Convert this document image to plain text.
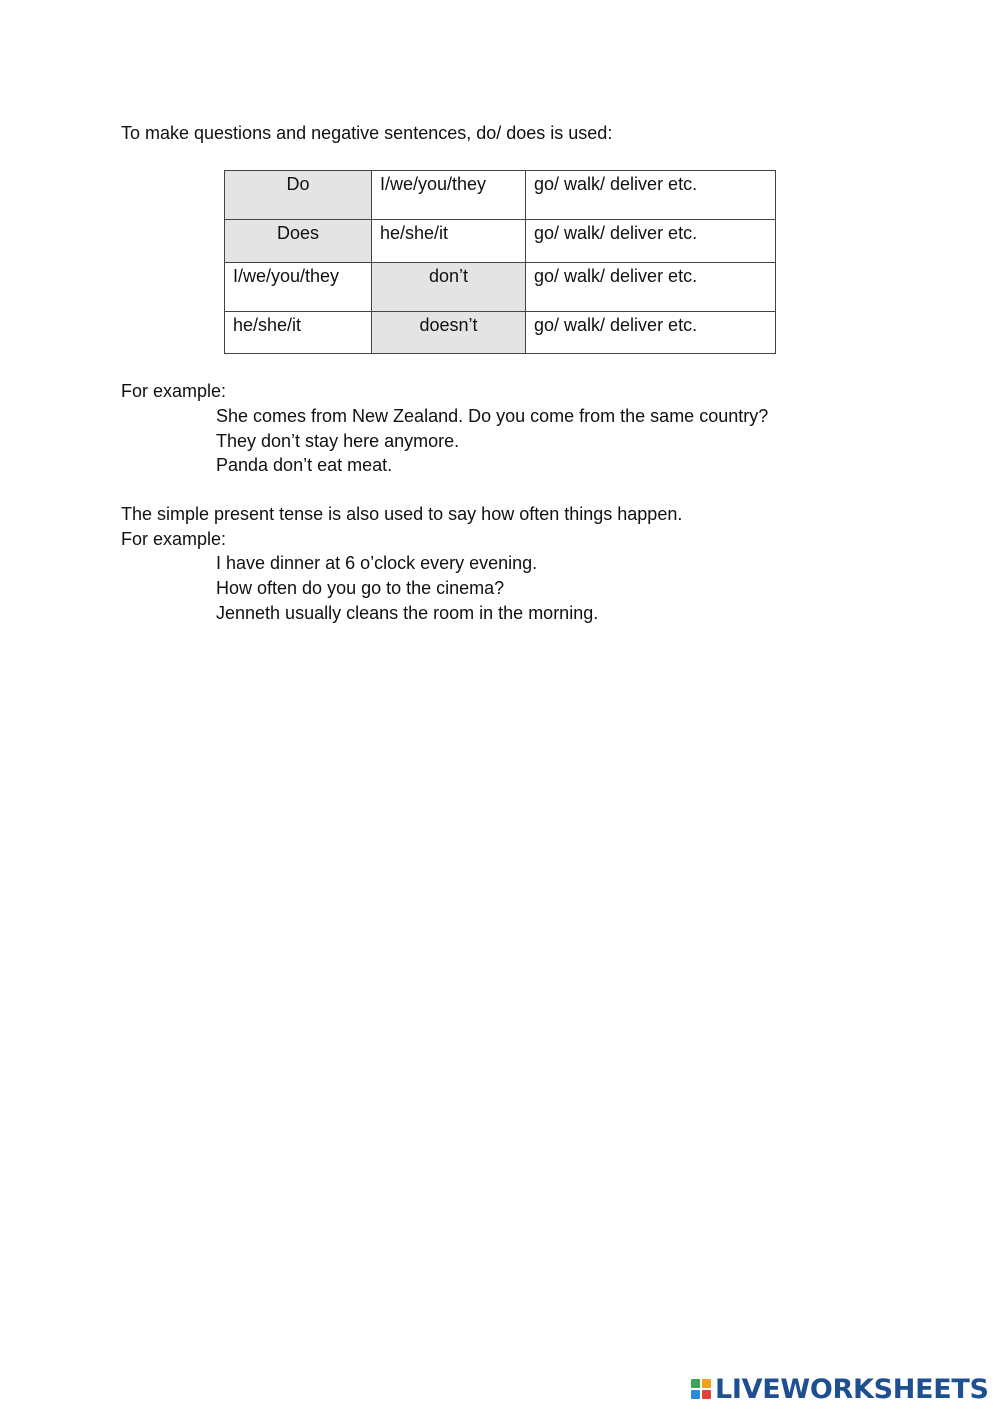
To make questions and negative sentences, do/ does is used:
Do	I/we/you/they	go/ walk/ deliver etc.
Does	he/she/it	go/ walk/ deliver etc.
I/we/you/they	don’t	go/ walk/ deliver etc.
he/she/it	doesn’t	go/ walk/ deliver etc.
For example:
She comes from New Zealand. Do you come from the same country?
They don’t stay here anymore.
Panda don’t eat meat.
The simple present tense is also used to say how often things happen.
For example:
I have dinner at 6 o’clock every evening.
How often do you go to the cinema?
Jenneth usually cleans the room in the morning.
LIVEWORKSHEETS
